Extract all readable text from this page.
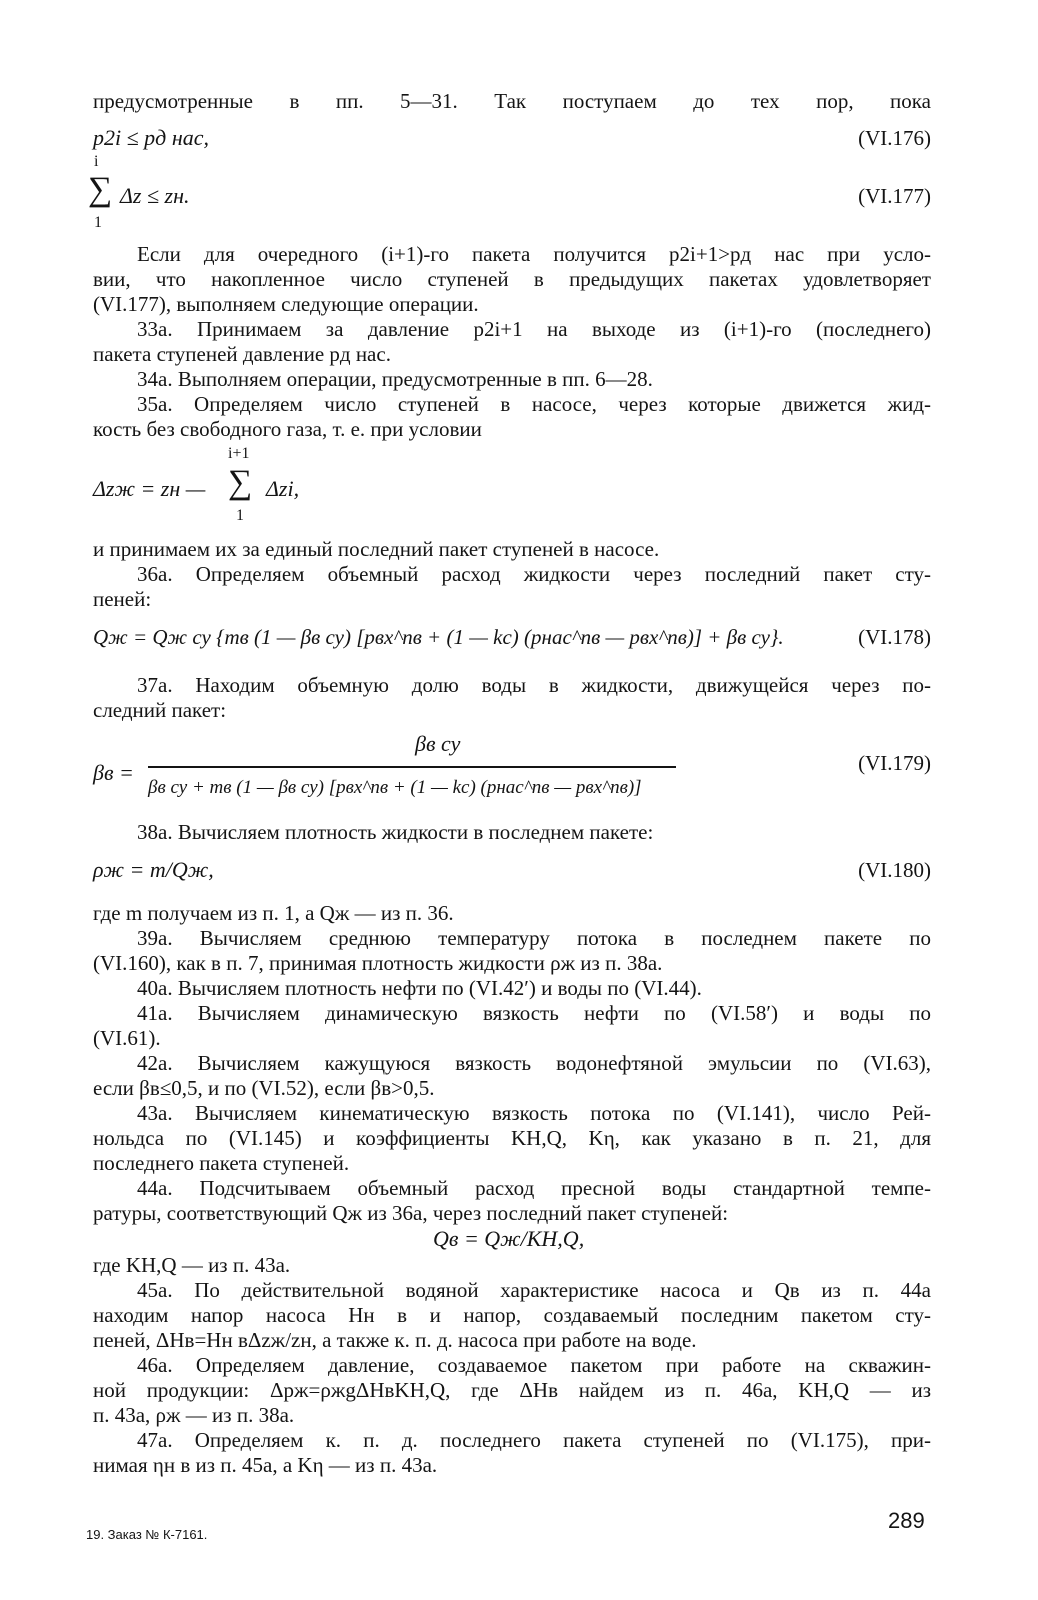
предусмотренные в пп. 5—31. Так поступаем до тех пор, пока
p2i ≤ pд нас,	(VI.176)
i
∑
1
Δz ≤ zн.	(VI.177)
Если для очередного (i+1)-го пакета получится p2i+1>pд нас при усло-
вии, что накопленное число ступеней в предыдущих пакетах удовлетворяет
(VI.177), выполняем следующие операции.
33а. Принимаем за давление p2i+1 на выходе из (i+1)-го (последнего)
пакета ступеней давление pд нас.
34а. Выполняем операции, предусмотренные в пп. 6—28.
35а. Определяем число ступеней в насосе, через которые движется жид-
кость без свободного газа, т. е. при условии
i+1
∑
1
Δzж = zн —	Δzi,
и принимаем их за единый последний пакет ступеней в насосе.
36а. Определяем объемный расход жидкости через последний пакет сту-
пеней:
Qж = Qж су {mв (1 — βв су) [pвх^nв + (1 — kс) (pнас^nв — pвх^nв)] + βв су}.	(VI.178)
37а. Находим объемную долю воды в жидкости, движущейся через по-
следний пакет:
βв =
βв су
βв су + mв (1 — βв су) [pвх^nв + (1 — kс) (pнас^nв — pвх^nв)]
(VI.179)
38а. Вычисляем плотность жидкости в последнем пакете:
ρж = m/Qж,	(VI.180)
где m получаем из п. 1, а Qж — из п. 36.
39а. Вычисляем среднюю температуру потока в последнем пакете по
(VI.160), как в п. 7, принимая плотность жидкости ρж из п. 38а.
40а. Вычисляем плотность нефти по (VI.42′) и воды по (VI.44).
41а. Вычисляем динамическую вязкость нефти по (VI.58′) и воды по
(VI.61).
42а. Вычисляем кажущуюся вязкость водонефтяной эмульсии по (VI.63),
если βв≤0,5, и по (VI.52), если βв>0,5.
43а. Вычисляем кинематическую вязкость потока по (VI.141), число Рей-
нольдса по (VI.145) и коэффициенты KH,Q, Kη, как указано в п. 21, для
последнего пакета ступеней.
44а. Подсчитываем объемный расход пресной воды стандартной темпе-
ратуры, соответствующий Qж из 36а, через последний пакет ступеней:
Qв = Qж/KH,Q,
где KH,Q — из п. 43а.
45а. По действительной водяной характеристике насоса и Qв из п. 44а
находим напор насоса Hн в и напор, создаваемый последним пакетом сту-
пеней, ΔHв=Hн вΔzж/zн, а также к. п. д. насоса при работе на воде.
46а. Определяем давление, создаваемое пакетом при работе на скважин-
ной продукции: Δpж=ρжgΔHвKH,Q, где ΔHв найдем из п. 46а, KH,Q — из
п. 43а, ρж — из п. 38а.
47а. Определяем к. п. д. последнего пакета ступеней по (VI.175), при-
нимая ηн в из п. 45а, а Kη — из п. 43а.
289
19. Заказ № К-7161.
